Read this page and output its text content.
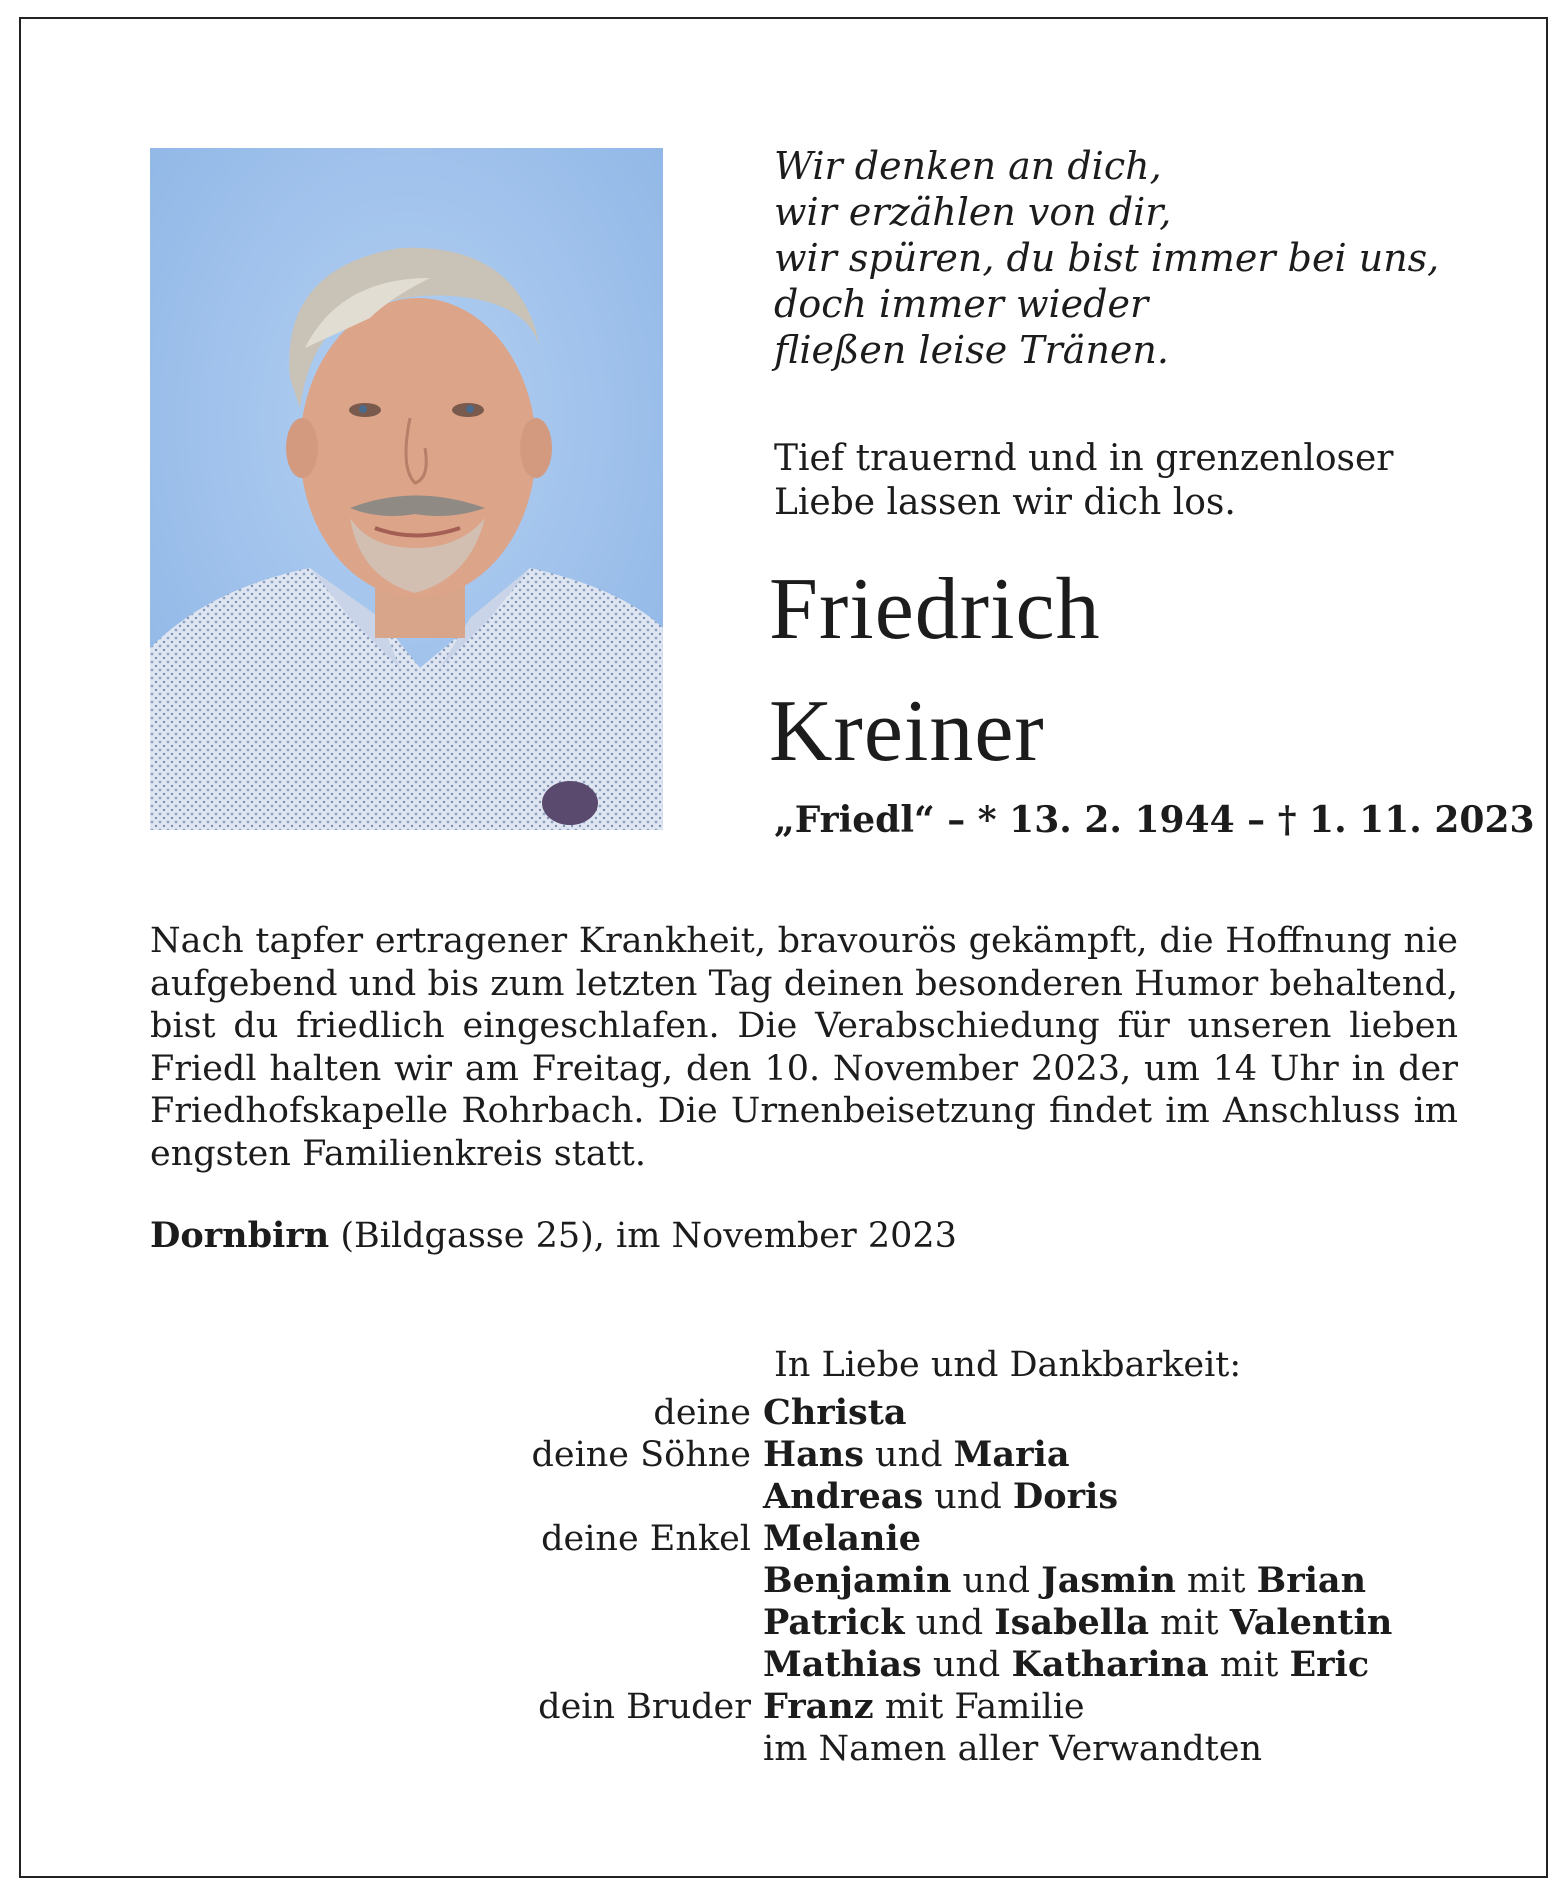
Wir denken an dich,
wir erzählen von dir,
wir spüren, du bist immer bei uns,
doch immer wieder
fließen leise Tränen.
Tief trauernd und in grenzenloser Liebe lassen wir dich los.
Friedrich
Kreiner
„Friedl“ – * 13. 2. 1944 – † 1. 11. 2023
Nach tapfer ertragener Krankheit, bravourös gekämpft, die Hoffnung nie aufgebend und bis zum letzten Tag deinen besonderen Humor behaltend, bist du friedlich eingeschlafen. Die Verabschiedung für unseren lieben Friedl halten wir am Freitag, den 10. November 2023, um 14 Uhr in der Friedhofskapelle Rohrbach. Die Urnenbeisetzung findet im Anschluss im engsten Familienkreis statt.
Dornbirn (Bildgasse 25), im November 2023
In Liebe und Dankbarkeit:
deine Christa
deine Söhne Hans und Maria
Andreas und Doris
deine Enkel Melanie
Benjamin und Jasmin mit Brian
Patrick und Isabella mit Valentin
Mathias und Katharina mit Eric
dein Bruder Franz mit Familie
im Namen aller Verwandten
